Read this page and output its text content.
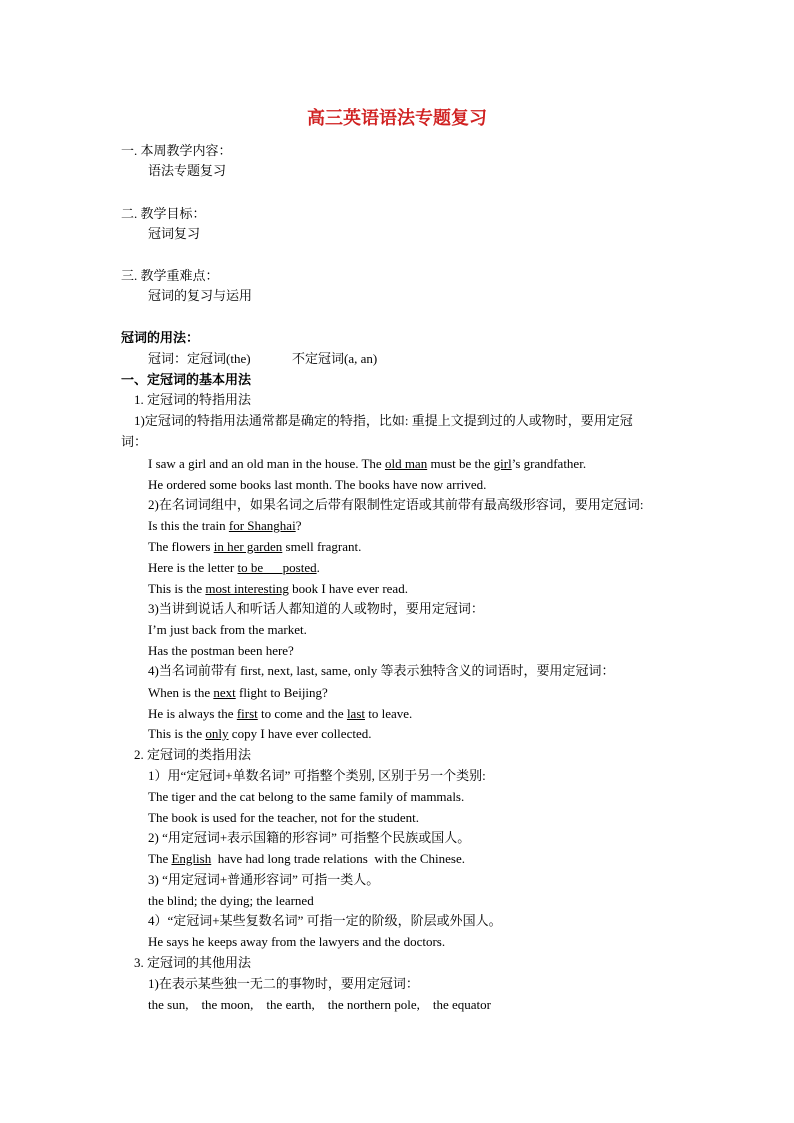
高三英语语法专题复习
一. 本周教学内容：
语法专题复习
二. 教学目标：
冠词复习
三. 教学重难点：
冠词的复习与运用
冠词的用法：
冠词：定冠词(the)	不定冠词(a, an)
一、定冠词的基本用法
1. 定冠词的特指用法
1)定冠词的特指用法通常都是确定的特指，比如: 重提上文提到过的人或物时，要用定冠
词：
I saw a girl and an old man in the house. The old man must be the girl’s grandfather.
He ordered some books last month. The books have now arrived.
2)在名词词组中，如果名词之后带有限制性定语或其前带有最高级形容词，要用定冠词:
Is this the train for Shanghai?
The flowers in her garden smell fragrant.
Here is the letter to be      posted.
This is the most interesting book I have ever read.
3)当讲到说话人和听话人都知道的人或物时，要用定冠词：
I’m just back from the market.
Has the postman been here?
4)当名词前带有 first, next, last, same, only 等表示独特含义的词语时，要用定冠词：
When is the next flight to Beijing?
He is always the first to come and the last to leave.
This is the only copy I have ever collected.
2. 定冠词的类指用法
1）用“定冠词+单数名词” 可指整个类别, 区别于另一个类别:
The tiger and the cat belong to the same family of mammals.
The book is used for the teacher, not for the student.
2) “用定冠词+表示国籍的形容词” 可指整个民族或国人。
The English  have had long trade relations  with the Chinese.
3) “用定冠词+普通形容词” 可指一类人。
the blind; the dying; the learned
4）“定冠词+某些复数名词” 可指一定的阶级，阶层或外国人。
He says he keeps away from the lawyers and the doctors.
3. 定冠词的其他用法
1)在表示某些独一无二的事物时，要用定冠词：
the sun,    the moon,    the earth,    the northern pole,    the equator
